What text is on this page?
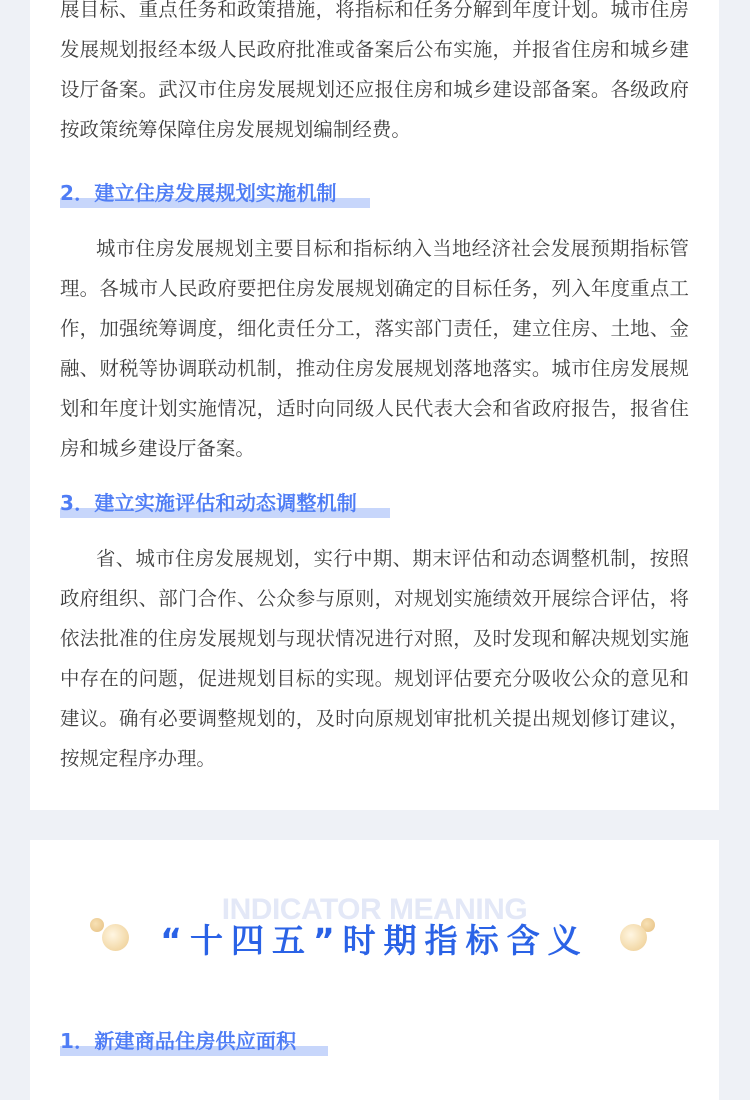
展目标、重点任务和政策措施，将指标和任务分解到年度计划。城市住房发展规划报经本级人民政府批准或备案后公布实施，并报省住房和城乡建设厅备案。武汉市住房发展规划还应报住房和城乡建设部备案。各级政府按政策统筹保障住房发展规划编制经费。

2．建立住房发展规划实施机制

城市住房发展规划主要目标和指标纳入当地经济社会发展预期指标管理。各城市人民政府要把住房发展规划确定的目标任务，列入年度重点工作，加强统筹调度，细化责任分工，落实部门责任，建立住房、土地、金融、财税等协调联动机制，推动住房发展规划落地落实。城市住房发展规划和年度计划实施情况，适时向同级人民代表大会和省政府报告，报省住房和城乡建设厅备案。

3．建立实施评估和动态调整机制

省、城市住房发展规划，实行中期、期末评估和动态调整机制，按照政府组织、部门合作、公众参与原则，对规划实施绩效开展综合评估，将依法批准的住房发展规划与现状情况进行对照，及时发现和解决规划实施中存在的问题，促进规划目标的实现。规划评估要充分吸收公众的意见和建议。确有必要调整规划的，及时向原规划审批机关提出规划修订建议，按规定程序办理。

INDICATOR MEANING
“十四五”时期指标含义
1．新建商品住房供应面积
